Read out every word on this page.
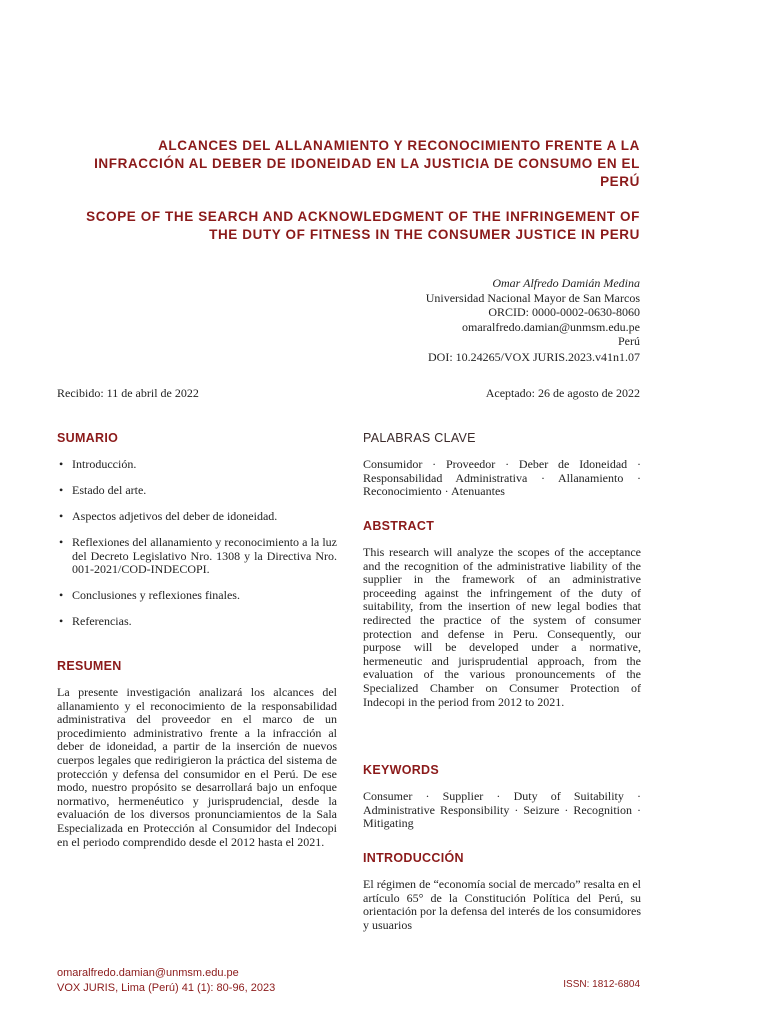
ALCANCES DEL ALLANAMIENTO Y RECONOCIMIENTO FRENTE A LA INFRACCIÓN AL DEBER DE IDONEIDAD EN LA JUSTICIA DE CONSUMO EN EL PERÚ
SCOPE OF THE SEARCH AND ACKNOWLEDGMENT OF THE INFRINGEMENT OF THE DUTY OF FITNESS IN THE CONSUMER JUSTICE IN PERU
Omar Alfredo Damián Medina
Universidad Nacional Mayor de San Marcos
ORCID: 0000-0002-0630-8060
omaralfredo.damian@unmsm.edu.pe
Perú
DOI: 10.24265/VOX JURIS.2023.v41n1.07
Recibido: 11 de abril de 2022	Aceptado: 26 de agosto de 2022
SUMARIO
• Introducción.
• Estado del arte.
• Aspectos adjetivos del deber de idoneidad.
• Reflexiones del allanamiento y reconocimiento a la luz del Decreto Legislativo Nro. 1308 y la Directiva Nro. 001-2021/COD-INDECOPI.
• Conclusiones y reflexiones finales.
• Referencias.
RESUMEN
La presente investigación analizará los alcances del allanamiento y el reconocimiento de la responsabilidad administrativa del proveedor en el marco de un procedimiento administrativo frente a la infracción al deber de idoneidad, a partir de la inserción de nuevos cuerpos legales que redirigieron la práctica del sistema de protección y defensa del consumidor en el Perú. De ese modo, nuestro propósito se desarrollará bajo un enfoque normativo, hermenéutico y jurisprudencial, desde la evaluación de los diversos pronunciamientos de la Sala Especializada en Protección al Consumidor del Indecopi en el periodo comprendido desde el 2012 hasta el 2021.
PALABRAS CLAVE
Consumidor · Proveedor · Deber de Idoneidad · Responsabilidad Administrativa · Allanamiento · Reconocimiento · Atenuantes
ABSTRACT
This research will analyze the scopes of the acceptance and the recognition of the administrative liability of the supplier in the framework of an administrative proceeding against the infringement of the duty of suitability, from the insertion of new legal bodies that redirected the practice of the system of consumer protection and defense in Peru. Consequently, our purpose will be developed under a normative, hermeneutic and jurisprudential approach, from the evaluation of the various pronouncements of the Specialized Chamber on Consumer Protection of Indecopi in the period from 2012 to 2021.
KEYWORDS
Consumer · Supplier · Duty of Suitability · Administrative Responsibility · Seizure · Recognition · Mitigating
INTRODUCCIÓN
El régimen de “economía social de mercado” resalta en el artículo 65° de la Constitución Política del Perú, su orientación por la defensa del interés de los consumidores y usuarios
omaralfredo.damian@unmsm.edu.pe
VOX JURIS, Lima (Perú) 41 (1): 80-96, 2023	ISSN: 1812-6804
